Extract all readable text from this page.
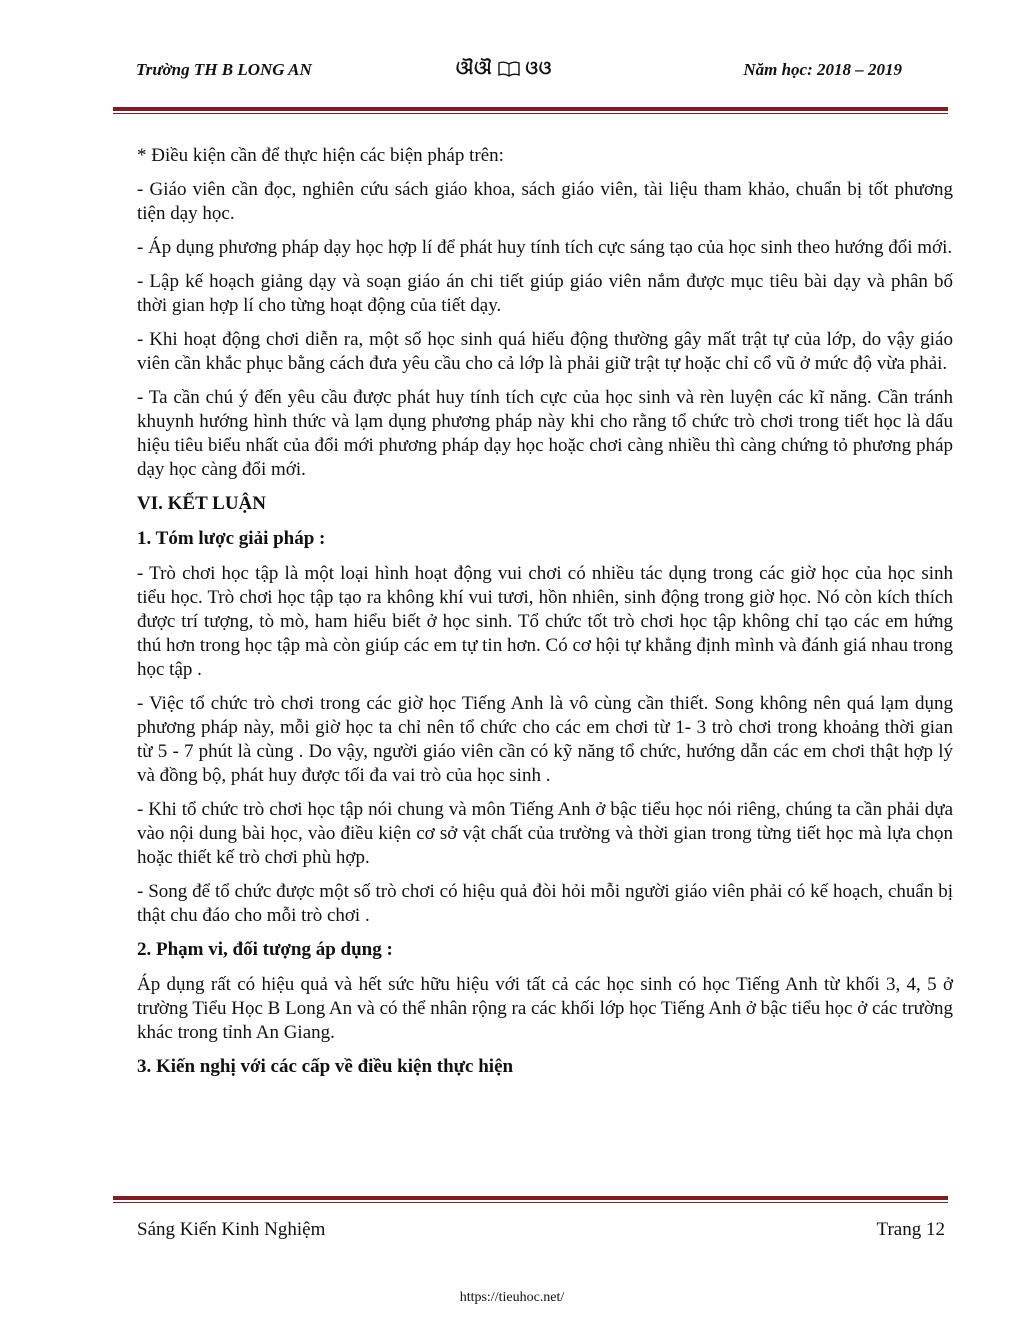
Trường TH B LONG AN	ଔଔ ଓଓ	Năm học: 2018 – 2019

* Điều kiện cần để thực hiện các biện pháp trên:

- Giáo viên cần đọc, nghiên cứu sách giáo khoa, sách giáo viên, tài liệu tham khảo, chuẩn bị tốt phương tiện dạy học.

- Áp dụng phương pháp dạy học hợp lí để phát huy tính tích cực sáng tạo của học sinh theo hướng đổi mới.

- Lập kế hoạch giảng dạy và soạn giáo án chi tiết giúp giáo viên nắm được mục tiêu bài dạy và phân bố thời gian hợp lí cho từng hoạt động của tiết dạy.

- Khi hoạt động chơi diễn ra, một số học sinh quá hiếu động thường gây mất trật tự của lớp, do vậy giáo viên cần khắc phục bằng cách đưa yêu cầu cho cả lớp là phải giữ trật tự hoặc chỉ cổ vũ ở mức độ vừa phải.

- Ta cần chú ý đến yêu cầu được phát huy tính tích cực của học sinh và rèn luyện các kĩ năng. Cần tránh khuynh hướng hình thức và lạm dụng phương pháp này khi cho rằng tổ chức trò chơi trong tiết học là dấu hiệu tiêu biểu nhất của đổi mới phương pháp dạy học hoặc chơi càng nhiều thì càng chứng tỏ phương pháp dạy học càng đổi mới.

VI. KẾT LUẬN

1. Tóm lược giải pháp :

- Trò chơi học tập là một loại hình hoạt động vui chơi có nhiều tác dụng trong các giờ học của học sinh tiểu học. Trò chơi học tập tạo ra không khí vui tươi, hồn nhiên, sinh động trong giờ học. Nó còn kích thích được trí tượng, tò mò, ham hiểu biết ở học sinh. Tổ chức tốt trò chơi học tập không chỉ tạo các em hứng thú hơn trong học tập mà còn giúp các em tự tin hơn. Có cơ hội tự khẳng định mình và đánh giá nhau trong học tập .

- Việc tổ chức trò chơi trong các giờ học Tiếng Anh là vô cùng cần thiết. Song không nên quá lạm dụng phương pháp này, mỗi giờ học ta chỉ nên tổ chức cho các em chơi từ 1- 3 trò chơi trong khoảng thời gian từ 5 - 7 phút là cùng . Do vậy, người giáo viên cần có kỹ năng tổ chức, hướng dẫn các em chơi thật hợp lý và đồng bộ, phát huy được tối đa vai trò của học sinh .

- Khi tổ chức trò chơi học tập nói chung và môn Tiếng Anh ở bậc tiểu học nói riêng, chúng ta cần phải dựa vào nội dung bài học, vào điều kiện cơ sở vật chất của trường và thời gian trong từng tiết học mà lựa chọn hoặc thiết kế trò chơi phù hợp.

- Song để tổ chức được một số trò chơi có hiệu quả đòi hỏi mỗi người giáo viên phải có kế hoạch, chuẩn bị thật chu đáo cho mỗi trò chơi .

2. Phạm vi, đối tượng áp dụng :

Áp dụng rất có hiệu quả và hết sức hữu hiệu với tất cả các học sinh có học Tiếng Anh từ khối 3, 4, 5 ở trường Tiểu Học B Long An và có thể nhân rộng ra các khối lớp học Tiếng Anh ở bậc tiểu học ở các trường khác trong tỉnh An Giang.

3. Kiến nghị với các cấp về điều kiện thực hiện

Sáng Kiến Kinh Nghiệm	Trang 12
https://tieuhoc.net/
